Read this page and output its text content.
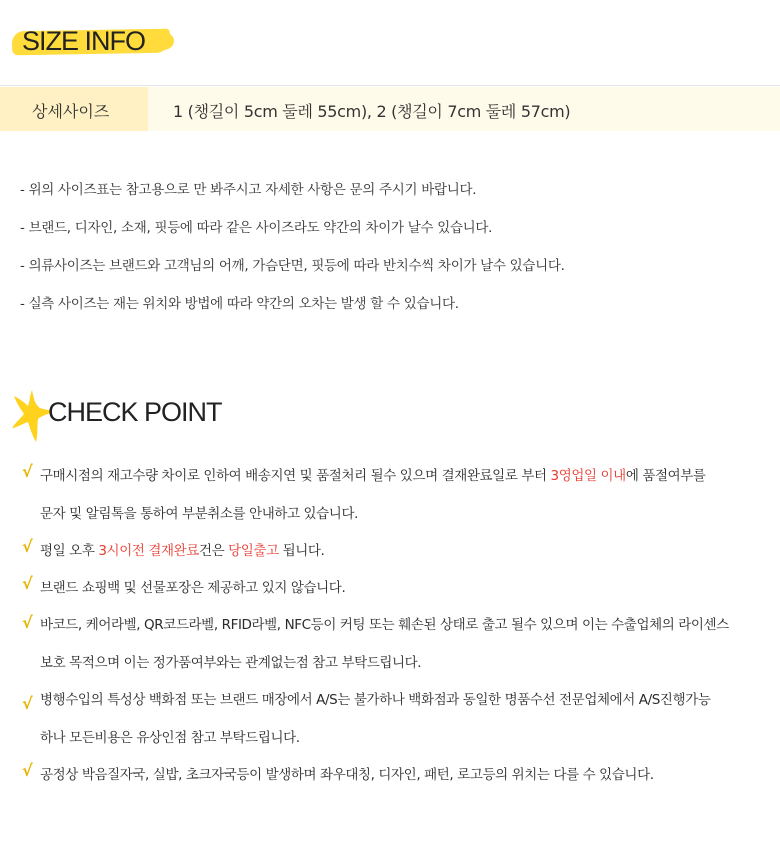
SIZE INFO
상세사이즈	1 (챙길이 5cm 둘레 55cm), 2 (챙길이 7cm 둘레 57cm)
- 위의 사이즈표는 참고용으로 만 봐주시고 자세한 사항은 문의 주시기 바랍니다.
- 브랜드, 디자인, 소재, 핏등에 따라 같은 사이즈라도 약간의 차이가 날수 있습니다.
- 의류사이즈는 브랜드와 고객님의 어깨, 가슴단면, 핏등에 따라 반치수씩 차이가 날수 있습니다.
- 실측 사이즈는 재는 위치와 방법에 따라 약간의 오차는 발생 할 수 있습니다.
CHECK POINT
√ 구매시점의 재고수량 차이로 인하여 배송지연 및 품절처리 될수 있으며 결재완료일로 부터 3영업일 이내에 품절여부를
문자 및 알림톡을 통하여 부분취소를 안내하고 있습니다.
√ 평일 오후 3시이전 결재완료건은 당일출고 됩니다.
√ 브랜드 쇼핑백 및 선물포장은 제공하고 있지 않습니다.
√ 바코드, 케어라벨, QR코드라벨, RFID라벨, NFC등이 커팅 또는 훼손된 상태로 출고 될수 있으며 이는 수출업체의 라이센스
보호 목적으며 이는 정가품여부와는 관계없는점 참고 부탁드립니다.
√ 병행수입의 특성상 백화점 또는 브랜드 매장에서 A/S는 불가하나 백화점과 동일한 명품수선 전문업체에서 A/S진행가능
하나 모든비용은 유상인점 참고 부탁드립니다.
√ 공정상 박음질자국, 실밥, 초크자국등이 발생하며 좌우대칭, 디자인, 패턴, 로고등의 위치는 다를 수 있습니다.
